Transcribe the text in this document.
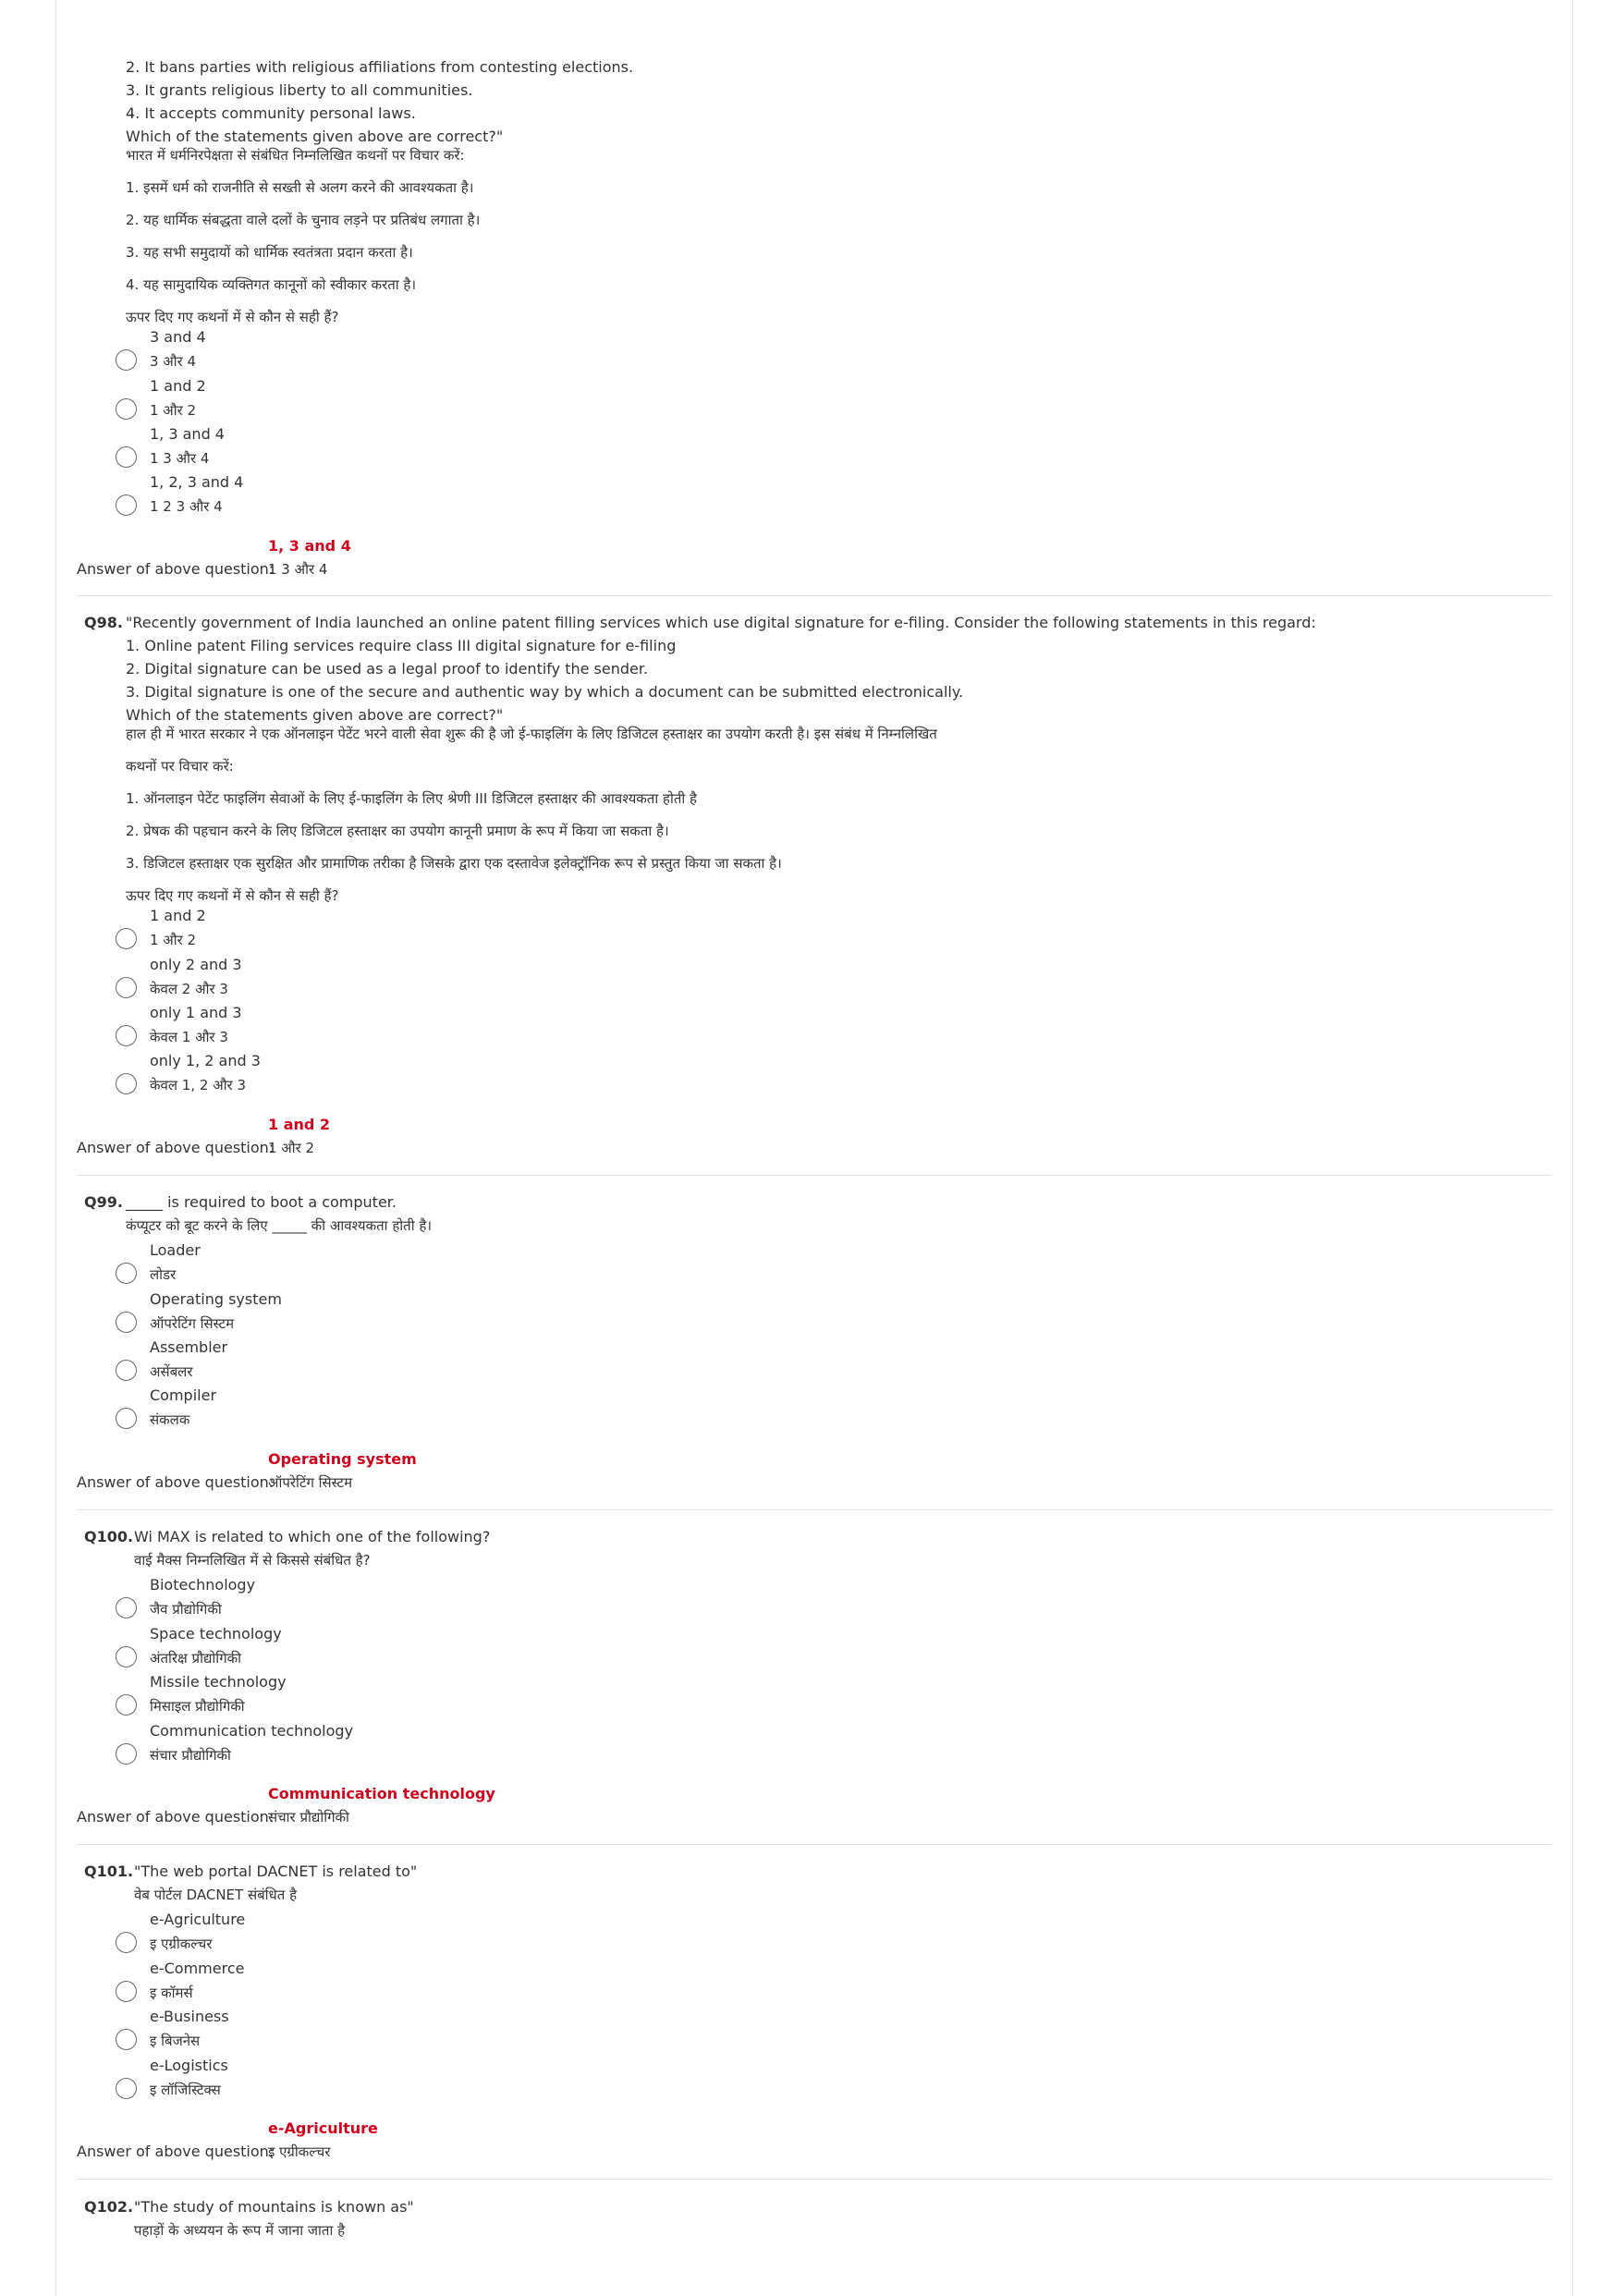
2. It bans parties with religious affiliations from contesting elections.
3. It grants religious liberty to all communities.
4. It accepts community personal laws.
Which of the statements given above are correct?"
भारत में धर्मनिरपेक्षता से संबंधित निम्नलिखित कथनों पर विचार करें:
1. इसमें धर्म को राजनीति से सख्ती से अलग करने की आवश्यकता है।
2. यह धार्मिक संबद्धता वाले दलों के चुनाव लड़ने पर प्रतिबंध लगाता है।
3. यह सभी समुदायों को धार्मिक स्वतंत्रता प्रदान करता है।
4. यह सामुदायिक व्यक्तिगत कानूनों को स्वीकार करता है।
ऊपर दिए गए कथनों में से कौन से सही हैं?
3 and 4
3 और 4
1 and 2
1 और 2
1, 3 and 4
1 3 और 4
1, 2, 3 and 4
1 2 3 और 4
1, 3 and 4
Answer of above question:
1 3 और 4
Q98. "Recently government of India launched an online patent filling services which use digital signature for e-filing. Consider the following statements in this regard:
1. Online patent Filing services require class III digital signature for e-filing
2. Digital signature can be used as a legal proof to identify the sender.
3. Digital signature is one of the secure and authentic way by which a document can be submitted electronically.
Which of the statements given above are correct?"
हाल ही में भारत सरकार ने एक ऑनलाइन पेटेंट भरने वाली सेवा शुरू की है जो ई-फाइलिंग के लिए डिजिटल हस्ताक्षर का उपयोग करती है। इस संबंध में निम्नलिखित
कथनों पर विचार करें:
1. ऑनलाइन पेटेंट फाइलिंग सेवाओं के लिए ई-फाइलिंग के लिए श्रेणी III डिजिटल हस्ताक्षर की आवश्यकता होती है
2. प्रेषक की पहचान करने के लिए डिजिटल हस्ताक्षर का उपयोग कानूनी प्रमाण के रूप में किया जा सकता है।
3. डिजिटल हस्ताक्षर एक सुरक्षित और प्रामाणिक तरीका है जिसके द्वारा एक दस्तावेज इलेक्ट्रॉनिक रूप से प्रस्तुत किया जा सकता है।
ऊपर दिए गए कथनों में से कौन से सही हैं?
1 and 2
1 और 2
only 2 and 3
केवल 2 और 3
only 1 and 3
केवल 1 और 3
only 1, 2 and 3
केवल 1, 2 और 3
1 and 2
Answer of above question:
1 और 2
Q99. _____ is required to boot a computer.
कंप्यूटर को बूट करने के लिए _____ की आवश्यकता होती है।
Loader
लोडर
Operating system
ऑपरेटिंग सिस्टम
Assembler
असेंबलर
Compiler
संकलक
Operating system
Answer of above question:
ऑपरेटिंग सिस्टम
Q100. Wi MAX is related to which one of the following?
वाई मैक्स निम्नलिखित में से किससे संबंधित है?
Biotechnology
जैव प्रौद्योगिकी
Space technology
अंतरिक्ष प्रौद्योगिकी
Missile technology
मिसाइल प्रौद्योगिकी
Communication technology
संचार प्रौद्योगिकी
Communication technology
Answer of above question:
संचार प्रौद्योगिकी
Q101. "The web portal DACNET is related to"
वेब पोर्टल DACNET संबंधित है
e-Agriculture
इ एग्रीकल्चर
e-Commerce
इ कॉमर्स
e-Business
इ बिजनेस
e-Logistics
इ लॉजिस्टिक्स
e-Agriculture
Answer of above question:
इ एग्रीकल्चर
Q102. "The study of mountains is known as"
पहाड़ों के अध्ययन के रूप में जाना जाता है
